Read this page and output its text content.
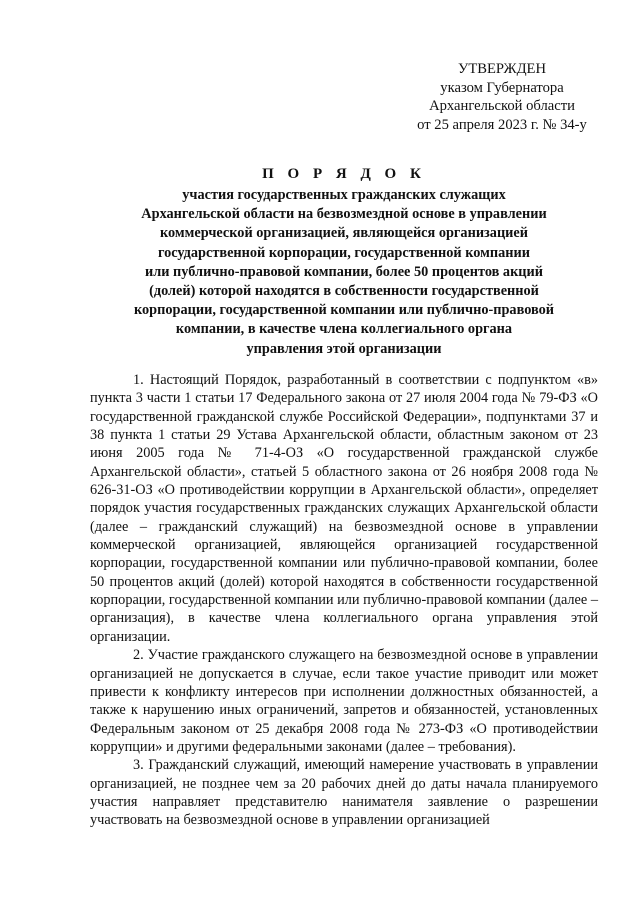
УТВЕРЖДЕН
указом Губернатора
Архангельской области
от 25 апреля 2023 г. № 34-у
П О Р Я Д О К
участия государственных гражданских служащих
Архангельской области на безвозмездной основе в управлении
коммерческой организацией, являющейся организацией
государственной корпорации, государственной компании
или публично-правовой компании, более 50 процентов акций
(долей) которой находятся в собственности государственной
корпорации, государственной компании или публично-правовой
компании, в качестве члена коллегиального органа
управления этой организации

1. Настоящий Порядок, разработанный в соответствии с подпунктом «в» пункта 3 части 1 статьи 17 Федерального закона от 27 июля 2004 года № 79-ФЗ «О государственной гражданской службе Российской Федерации», подпунктами 37 и 38 пункта 1 статьи 29 Устава Архангельской области, областным законом от 23 июня 2005 года № 71-4-ОЗ «О государственной гражданской службе Архангельской области», статьей 5 областного закона от 26 ноября 2008 года № 626-31-ОЗ «О противодействии коррупции в Архангельской области», определяет порядок участия государственных гражданских служащих Архангельской области (далее – гражданский служащий) на безвозмездной основе в управлении коммерческой организацией, являющейся организацией государственной корпорации, государственной компании или публично-правовой компании, более 50 процентов акций (долей) которой находятся в собственности государственной корпорации, государственной компании или публично-правовой компании (далее – организация), в качестве члена коллегиального органа управления этой организации.

2. Участие гражданского служащего на безвозмездной основе в управлении организацией не допускается в случае, если такое участие приводит или может привести к конфликту интересов при исполнении должностных обязанностей, а также к нарушению иных ограничений, запретов и обязанностей, установленных Федеральным законом от 25 декабря 2008 года № 273-ФЗ «О противодействии коррупции» и другими федеральными законами (далее – требования).

3. Гражданский служащий, имеющий намерение участвовать в управлении организацией, не позднее чем за 20 рабочих дней до даты начала планируемого участия направляет представителю нанимателя заявление о разрешении участвовать на безвозмездной основе в управлении организацией
